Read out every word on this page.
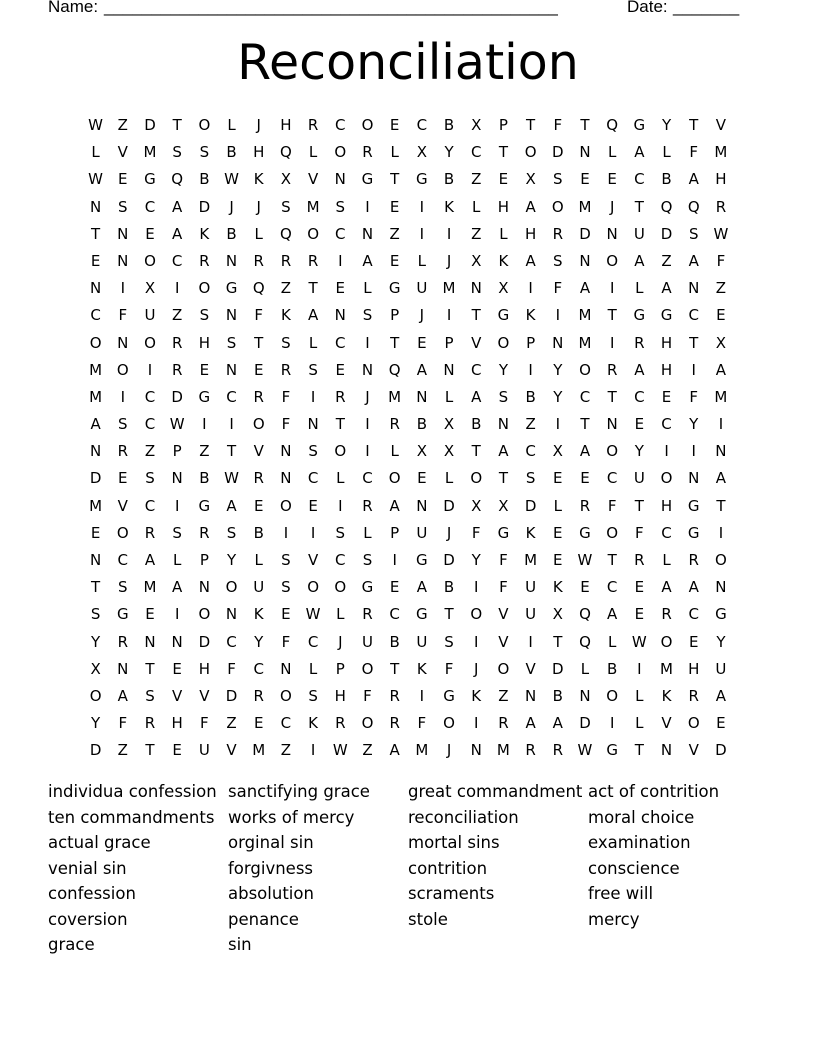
Name: ________________________________________________	Date: _______
Reconciliation
W Z D T O L J H R C O E C B X P T F T Q G Y T V
L V M S S B H Q L O R L X Y C T O D N L A L F M
W E G Q B W K X V N G T G B Z E X S E E C B A H
N S C A D J J S M S I E I K L H A O M J T Q Q R
T N E A K B L Q O C N Z I I Z L H R D N U D S W
E N O C R N R R R I A E L J X K A S N O A Z A F
N I X I O G Q Z T E L G U M N X I F A I L A N Z
C F U Z S N F K A N S P J I T G K I M T G G C E
O N O R H S T S L C I T E P V O P N M I R H T X
M O I R E N E R S E N Q A N C Y I Y O R A H I A
M I C D G C R F I R J M N L A S B Y C T C E F M
A S C W I I O F N T I R B X B N Z I T N E C Y I
N R Z P Z T V N S O I L X X T A C X A O Y I I N
D E S N B W R N C L C O E L O T S E E C U O N A
M V C I G A E O E I R A N D X X D L R F T H G T
E O R S R S B I I S L P U J F G K E G O F C G I
N C A L P Y L S V C S I G D Y F M E W T R L R O
T S M A N O U S O O G E A B I F U K E C E A A N
S G E I O N K E W L R C G T O V U X Q A E R C G
Y R N N D C Y F C J U B U S I V I T Q L W O E Y
X N T E H F C N L P O T K F J O V D L B I M H U
O A S V V D R O S H F R I G K Z N B N O L K R A
Y F R H F Z E C K R O R F O I R A A D I L V O E
D Z T E U V M Z I W Z A M J N M R R W G T N V D
individua confession
ten commandments
actual grace
venial sin
confession
coversion
grace
sanctifying grace
works of mercy
orginal sin
forgivness
absolution
penance
sin
great commandment
reconciliation
mortal sins
contrition
scraments
stole
act of contrition
moral choice
examination
conscience
free will
mercy
